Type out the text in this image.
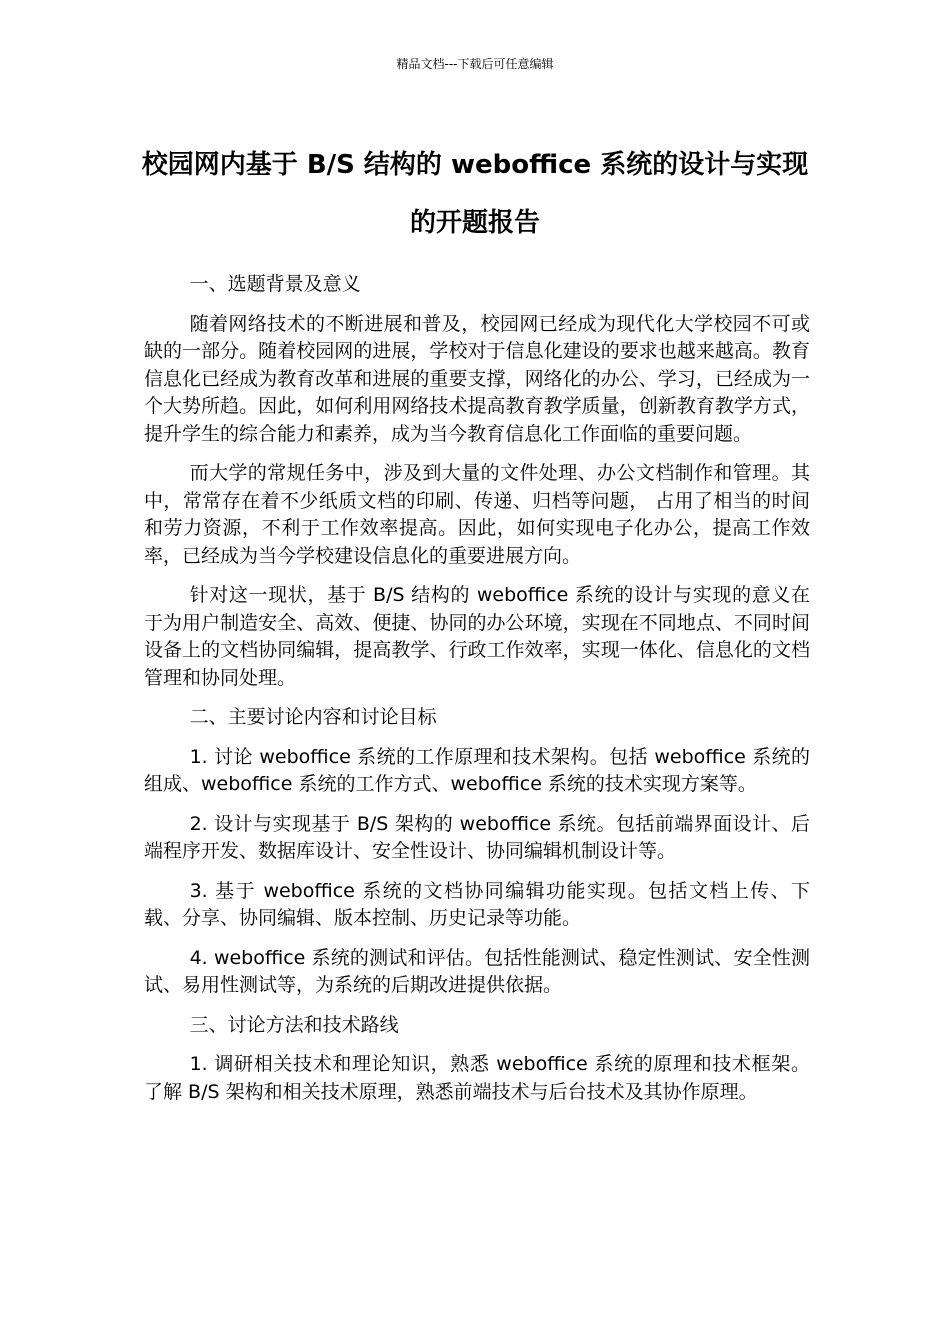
精品文档---下载后可任意编辑
校园网内基于 B/S 结构的 weboffice 系统的设计与实现的开题报告

一、选题背景及意义

随着网络技术的不断进展和普及，校园网已经成为现代化大学校园不可或缺的一部分。随着校园网的进展，学校对于信息化建设的要求也越来越高。教育信息化已经成为教育改革和进展的重要支撑，网络化的办公、学习，已经成为一个大势所趋。因此，如何利用网络技术提高教育教学质量，创新教育教学方式，提升学生的综合能力和素养，成为当今教育信息化工作面临的重要问题。

而大学的常规任务中，涉及到大量的文件处理、办公文档制作和管理。其中，常常存在着不少纸质文档的印刷、传递、归档等问题， 占用了相当的时间和劳力资源，不利于工作效率提高。因此，如何实现电子化办公，提高工作效率，已经成为当今学校建设信息化的重要进展方向。

针对这一现状，基于 B/S 结构的 weboffice 系统的设计与实现的意义在于为用户制造安全、高效、便捷、协同的办公环境，实现在不同地点、不同时间设备上的文档协同编辑，提高教学、行政工作效率，实现一体化、信息化的文档管理和协同处理。

二、主要讨论内容和讨论目标

1. 讨论 weboffice 系统的工作原理和技术架构。包括 weboffice 系统的组成、weboffice 系统的工作方式、weboffice 系统的技术实现方案等。

2. 设计与实现基于 B/S 架构的 weboffice 系统。包括前端界面设计、后端程序开发、数据库设计、安全性设计、协同编辑机制设计等。

3. 基于 weboffice 系统的文档协同编辑功能实现。包括文档上传、下载、分享、协同编辑、版本控制、历史记录等功能。

4. weboffice 系统的测试和评估。包括性能测试、稳定性测试、安全性测试、易用性测试等，为系统的后期改进提供依据。

三、讨论方法和技术路线

1. 调研相关技术和理论知识，熟悉 weboffice 系统的原理和技术框架。了解 B/S 架构和相关技术原理，熟悉前端技术与后台技术及其协作原理。
